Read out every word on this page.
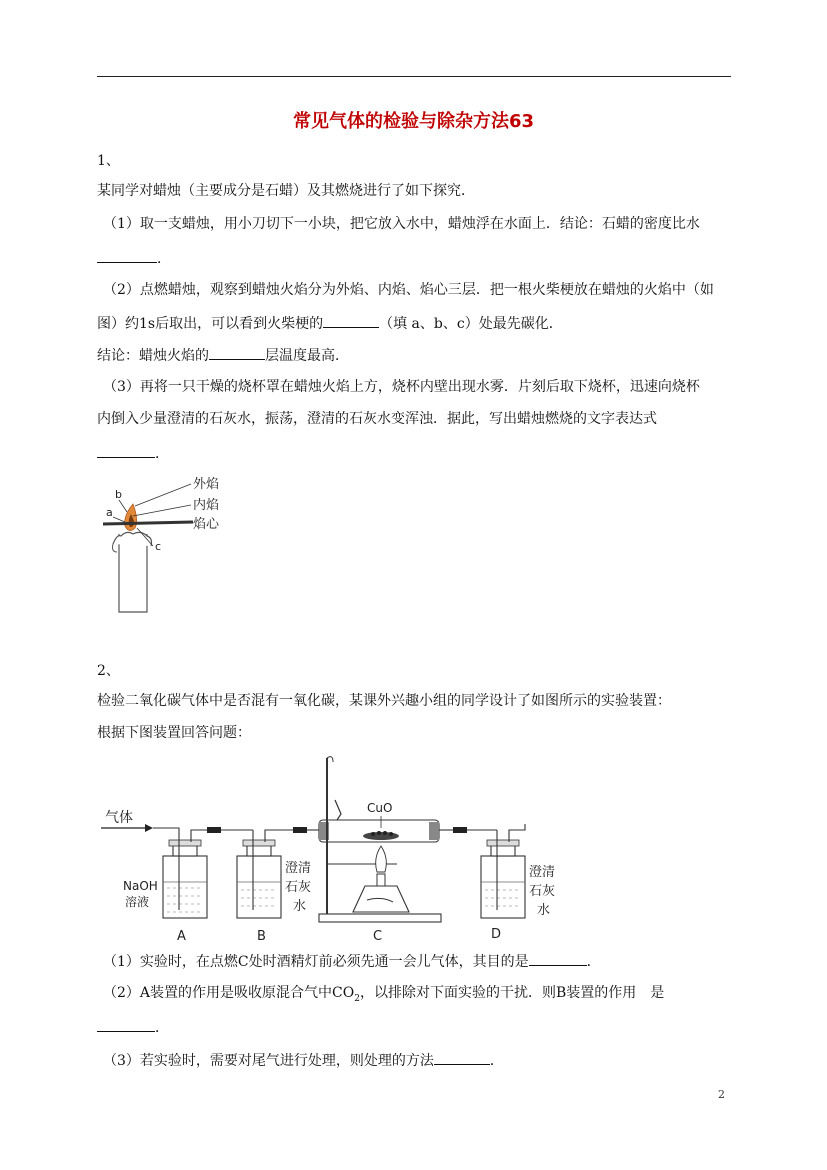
常见气体的检验与除杂方法63
1、
某同学对蜡烛（主要成分是石蜡）及其燃烧进行了如下探究．
（1）取一支蜡烛，用小刀切下一小块，把它放入水中，蜡烛浮在水面上．结论：石蜡的密度比水
．
（2）点燃蜡烛，观察到蜡烛火焰分为外焰、内焰、焰心三层．把一根火柴梗放在蜡烛的火焰中（如
图）约1s后取出，可以看到火柴梗的	（填 a、b、c）处最先碳化．
结论：蜡烛火焰的	层温度最高．
（3）再将一只干燥的烧杯罩在蜡烛火焰上方，烧杯内壁出现水雾．片刻后取下烧杯，迅速向烧杯
内倒入少量澄清的石灰水，振荡，澄清的石灰水变浑浊．据此，写出蜡烛燃烧的文字表达式
．
b
a
c
外焰
内焰
焰心
2、
检验二氧化碳气体中是否混有一氧化碳，某课外兴趣小组的同学设计了如图所示的实验装置：
根据下图装置回答问题：
气体
CuO
NaOH
溶液
澄清
石灰
水
澄清
石灰
水
A	B	C	D
（1）实验时，在点燃C处时酒精灯前必须先通一会儿气体，其目的是	．
（2）A装置的作用是吸收原混合气中$CO_2$，以排除对下面实验的干扰．则B装置的作用　是
．
（3）若实验时，需要对尾气进行处理，则处理的方法	．
2
